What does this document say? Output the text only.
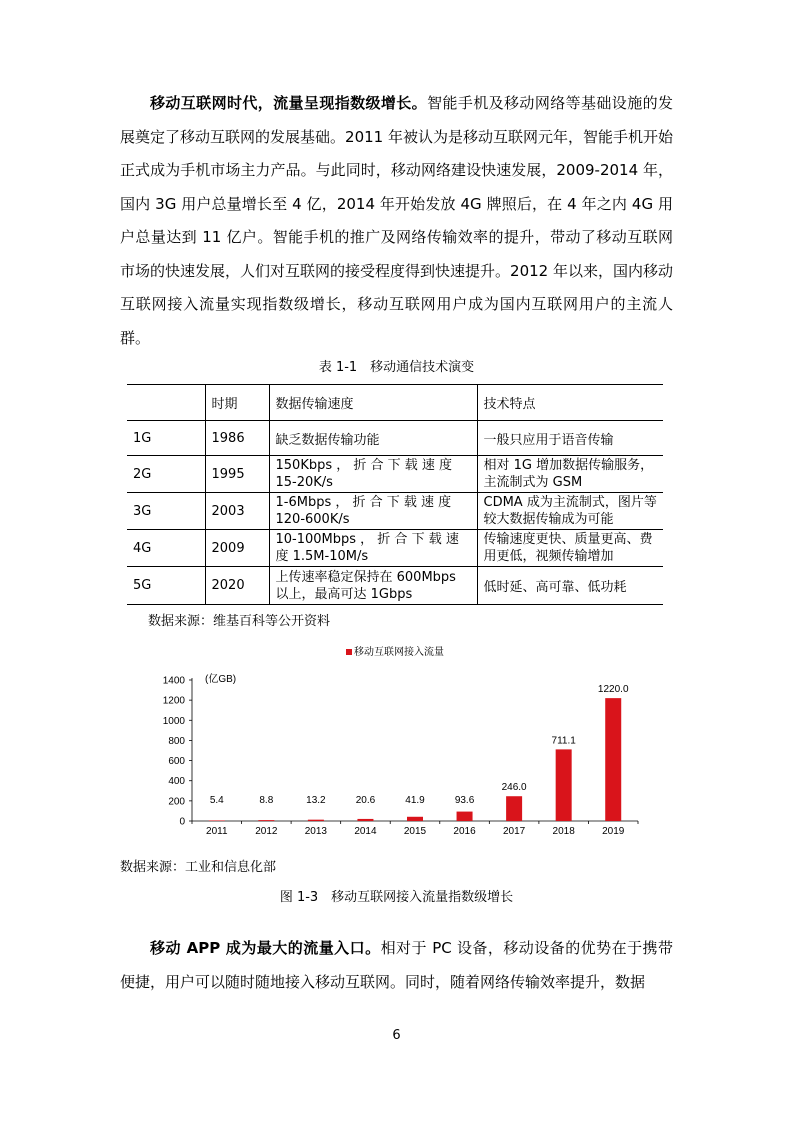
移动互联网时代，流量呈现指数级增长。智能手机及移动网络等基础设施的发展奠定了移动互联网的发展基础。2011 年被认为是移动互联网元年，智能手机开始正式成为手机市场主力产品。与此同时，移动网络建设快速发展，2009-2014 年，国内 3G 用户总量增长至 4 亿，2014 年开始发放 4G 牌照后，在 4 年之内 4G 用户总量达到 11 亿户。智能手机的推广及网络传输效率的提升，带动了移动互联网市场的快速发展，人们对互联网的接受程度得到快速提升。2012 年以来，国内移动互联网接入流量实现指数级增长，移动互联网用户成为国内互联网用户的主流人群。

表 1-1　移动通信技术演变
	时期	数据传输速度	技术特点
1G	1986	缺乏数据传输功能	一般只应用于语音传输
2G	1995	150Kbps ， 折 合 下 载 速 度 15-20K/s	相对 1G 增加数据传输服务，主流制式为 GSM
3G	2003	1-6Mbps ， 折 合 下 载 速 度 120-600K/s	CDMA 成为主流制式，图片等较大数据传输成为可能
4G	2009	10-100Mbps ， 折 合 下 载 速 度 1.5M-10M/s	传输速度更快、质量更高、费用更低，视频传输增加
5G	2020	上传速率稳定保持在 600Mbps 以上，最高可达 1Gbps	低时延、高可靠、低功耗
数据来源：维基百科等公开资料
移动互联网接入流量
(亿GB)
0
200
400
600
800
1000
1200
1400
5.4
2011
8.8
2012
13.2
2013
20.6
2014
41.9
2015
93.6
2016
246.0
2017
711.1
2018
1220.0
2019
数据来源：工业和信息化部
图 1-3　移动互联网接入流量指数级增长

移动 APP 成为最大的流量入口。相对于 PC 设备，移动设备的优势在于携带便捷，用户可以随时随地接入移动互联网。同时，随着网络传输效率提升，数据

6
